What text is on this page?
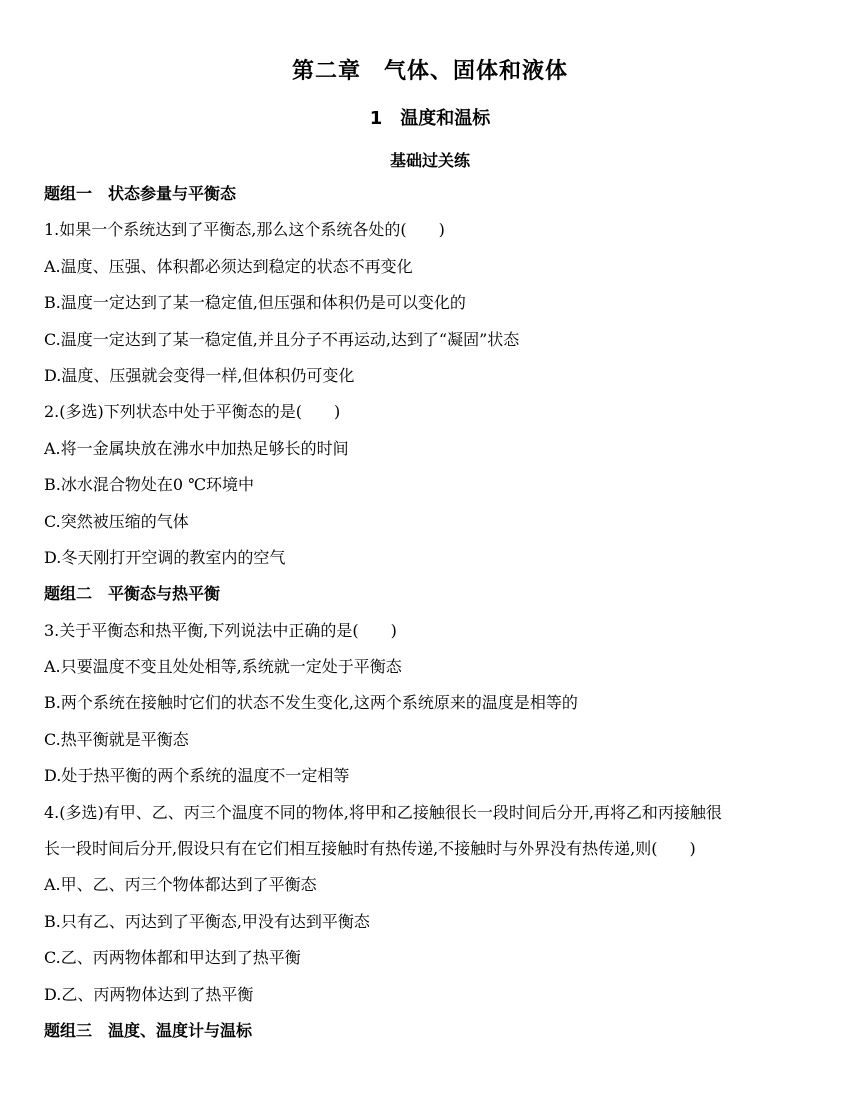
第二章　气体、固体和液体
1　温度和温标
基础过关练
题组一　状态参量与平衡态
1.如果一个系统达到了平衡态,那么这个系统各处的(　　)
A.温度、压强、体积都必须达到稳定的状态不再变化
B.温度一定达到了某一稳定值,但压强和体积仍是可以变化的
C.温度一定达到了某一稳定值,并且分子不再运动,达到了“凝固”状态
D.温度、压强就会变得一样,但体积仍可变化
2.(多选)下列状态中处于平衡态的是(　　)
A.将一金属块放在沸水中加热足够长的时间
B.冰水混合物处在0 ℃环境中
C.突然被压缩的气体
D.冬天刚打开空调的教室内的空气
题组二　平衡态与热平衡
3.关于平衡态和热平衡,下列说法中正确的是(　　)
A.只要温度不变且处处相等,系统就一定处于平衡态
B.两个系统在接触时它们的状态不发生变化,这两个系统原来的温度是相等的
C.热平衡就是平衡态
D.处于热平衡的两个系统的温度不一定相等
4.(多选)有甲、乙、丙三个温度不同的物体,将甲和乙接触很长一段时间后分开,再将乙和丙接触很
长一段时间后分开,假设只有在它们相互接触时有热传递,不接触时与外界没有热传递,则(　　)
A.甲、乙、丙三个物体都达到了平衡态
B.只有乙、丙达到了平衡态,甲没有达到平衡态
C.乙、丙两物体都和甲达到了热平衡
D.乙、丙两物体达到了热平衡
题组三　温度、温度计与温标
